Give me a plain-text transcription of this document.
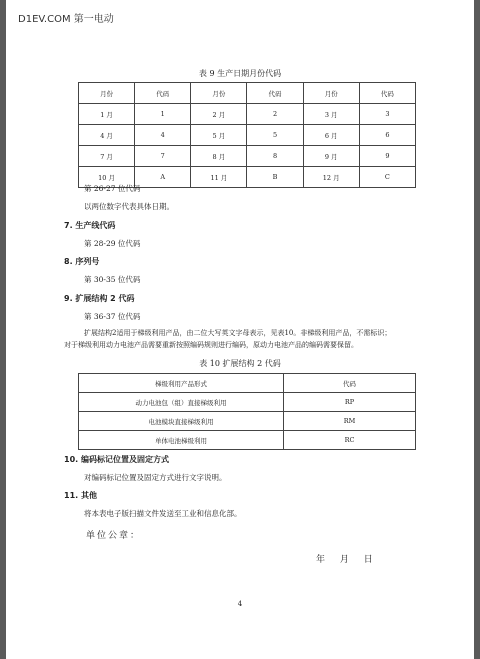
D1EV.COM 第一电动
表 9 生产日期月份代码
月份	代码	月份	代码	月份	代码
1 月	1	2 月	2	3 月	3
4 月	4	5 月	5	6 月	6
7 月	7	8 月	8	9 月	9
10 月	A	11 月	B	12 月	C
第 26-27 位代码
以两位数字代表具体日期。
7. 生产线代码
第 28-29 位代码
8. 序列号
第 30-35 位代码
9. 扩展结构 2 代码
第 36-37 位代码
扩展结构2适用于梯级利用产品，由二位大写英文字母表示，见表10。非梯级利用产品，不需标识；
对于梯级利用动力电池产品需要重新按照编码规则进行编码，原动力电池产品的编码需要保留。
表 10 扩展结构 2 代码
梯级利用产品形式	代码
动力电池包（组）直接梯级利用	RP
电池模块直接梯级利用	RM
单体电池梯级利用	RC
10. 编码标记位置及固定方式
对编码标记位置及固定方式进行文字说明。
11. 其他
将本表电子版扫描文件发送至工业和信息化部。
单位公章：
年 月 日
4
